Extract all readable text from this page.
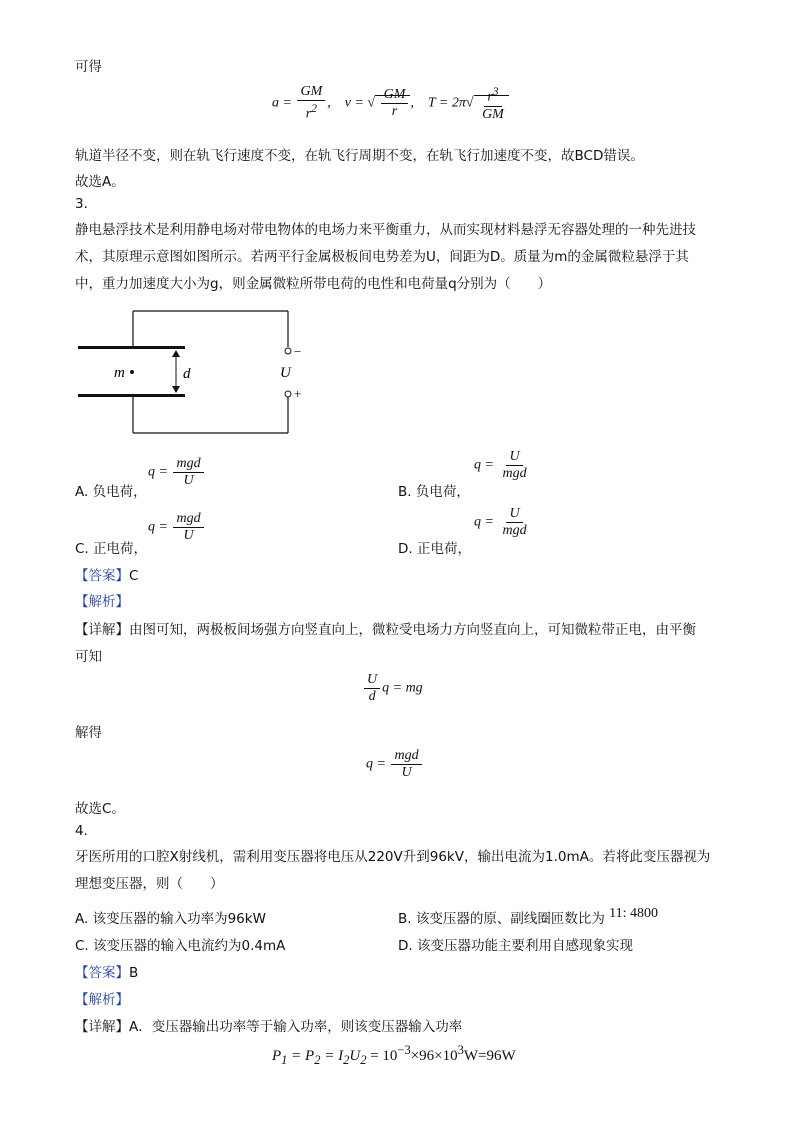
可得
$a = \frac{GM}{r^2}$ ,    v = √ $\frac{GM}{r}$ ,    $T = 2\pi√ \frac{r^3}{GM}$
轨道半径不变，则在轨飞行速度不变，在轨飞行周期不变，在轨飞行加速度不变，故BCD错误。
故选A。
3.
静电悬浮技术是利用静电场对带电物体的电场力来平衡重力，从而实现材料悬浮无容器处理的一种先进技
术，其原理示意图如图所示。若两平行金属极板间电势差为U，间距为D。质量为m的金属微粒悬浮于其
中，重力加速度大小为g，则金属微粒所带电荷的电性和电荷量q分别为（　　）
m	d
−
+
U
A. 负电荷，
$q = \frac{\text{mgd}}{U}$
B. 负电荷，
$q = \frac{U}{\text{mgd}}$
C. 正电荷，
$q = \frac{\text{mgd}}{U}$
D. 正电荷，
$q = \frac{U}{\text{mgd}}$
【答案】C
【解析】
【详解】由图可知，两极板间场强方向竖直向上，微粒受电场力方向竖直向上，可知微粒带正电，由平衡
可知
$\frac{U}{d}$ q = mg
解得
$q = \frac{\text{mgd}}{U}$
故选C。
4.
牙医所用的口腔X射线机，需利用变压器将电压从220V升到96kV，输出电流为1.0mA。若将此变压器视为
理想变压器，则（　　）
A. 该变压器的输入功率为96kW	B. 该变压器的原、副线圈匝数比为 11: 4800
C. 该变压器的输入电流约为0.4mA	D. 该变压器功能主要利用自感现象实现
【答案】B
【解析】
【详解】A．变压器输出功率等于输入功率，则该变压器输入功率
$P_1 = P_2 = I_2U_2 = 10^{-3}\times 96\times 10^3W=96W$
